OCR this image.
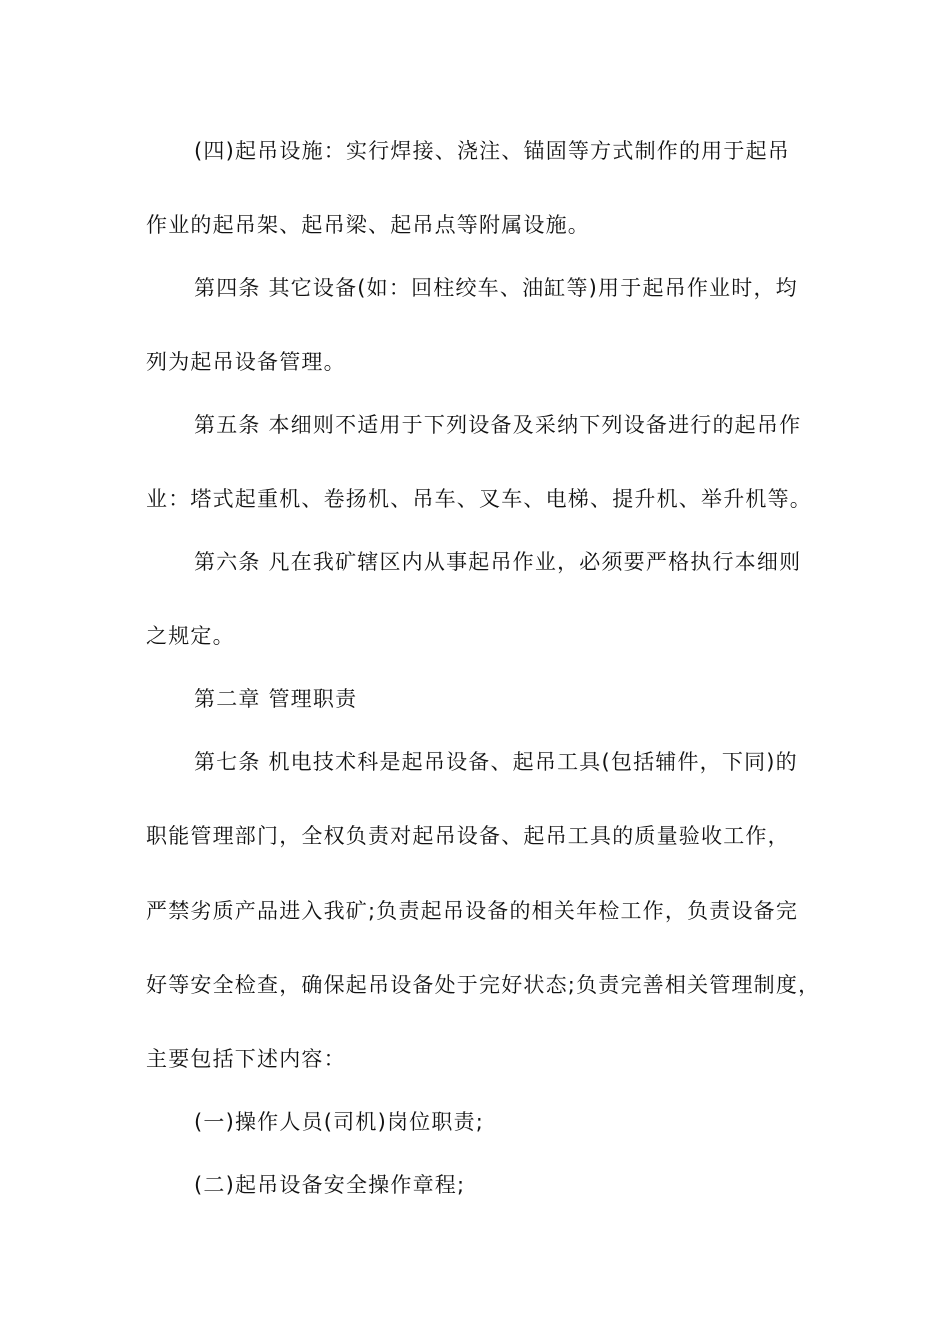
(四)起吊设施：实行焊接、浇注、锚固等方式制作的用于起吊
作业的起吊架、起吊梁、起吊点等附属设施。
第四条 其它设备(如：回柱绞车、油缸等)用于起吊作业时，均
列为起吊设备管理。
第五条 本细则不适用于下列设备及采纳下列设备进行的起吊作
业：塔式起重机、卷扬机、吊车、叉车、电梯、提升机、举升机等。
第六条 凡在我矿辖区内从事起吊作业，必须要严格执行本细则
之规定。
第二章 管理职责
第七条 机电技术科是起吊设备、起吊工具(包括辅件，下同)的
职能管理部门，全权负责对起吊设备、起吊工具的质量验收工作，
严禁劣质产品进入我矿;负责起吊设备的相关年检工作，负责设备完
好等安全检查，确保起吊设备处于完好状态;负责完善相关管理制度，
主要包括下述内容：
(一)操作人员(司机)岗位职责;
(二)起吊设备安全操作章程;
